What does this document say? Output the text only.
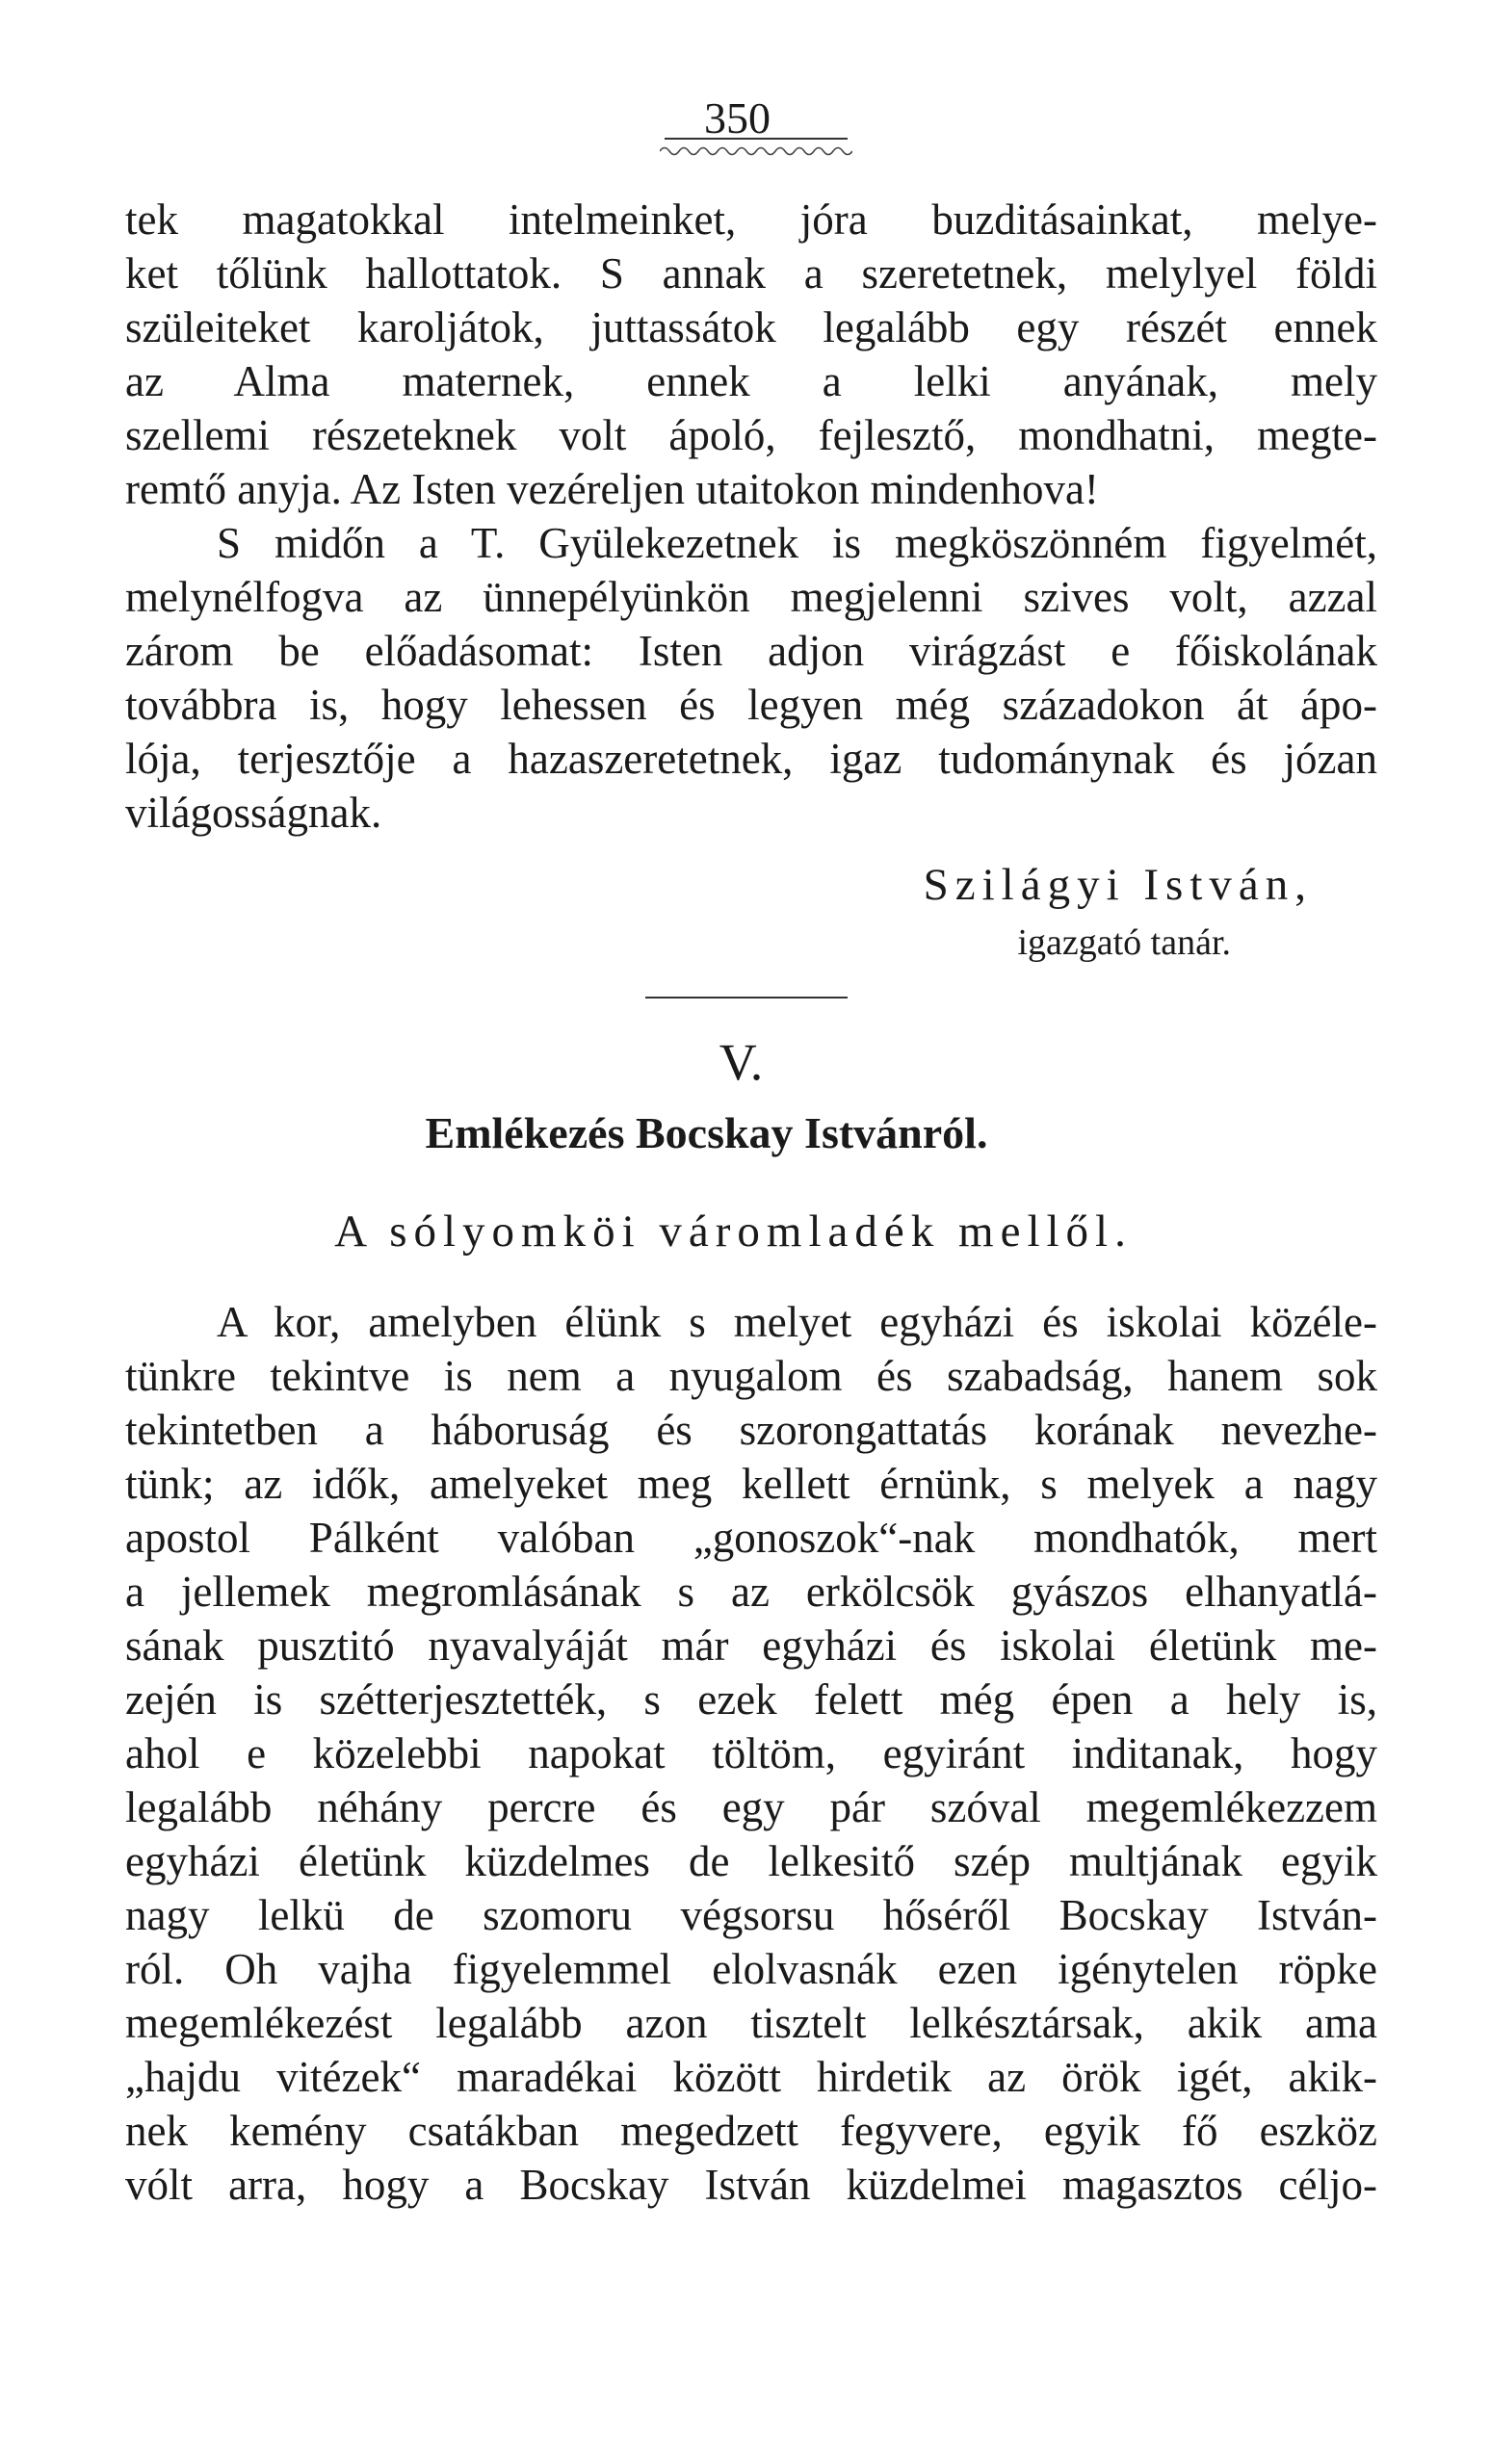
350
tek magatokkal intelmeinket, jóra buzditásainkat, melye-
ket tőlünk hallottatok. S annak a szeretetnek, melylyel földi
szüleiteket karoljátok, juttassátok legalább egy részét ennek
az Alma maternek, ennek a lelki anyának, mely
szellemi részeteknek volt ápoló, fejlesztő, mondhatni, megte-
remtő anyja. Az Isten vezéreljen utaitokon mindenhova!
S midőn a T. Gyülekezetnek is megköszönném figyelmét,
melynélfogva az ünnepélyünkön megjelenni szives volt, azzal
zárom be előadásomat: Isten adjon virágzást e főiskolának
továbbra is, hogy lehessen és legyen még századokon át ápo-
lója, terjesztője a hazaszeretetnek, igaz tudománynak és józan
világosságnak.
Szilágyi István,
igazgató tanár.
V.
Emlékezés Bocskay Istvánról.
A sólyomköi váromladék mellől.
A kor, amelyben élünk s melyet egyházi és iskolai közéle-
tünkre tekintve is nem a nyugalom és szabadság, hanem sok
tekintetben a háboruság és szorongattatás korának nevezhe-
tünk; az idők, amelyeket meg kellett érnünk, s melyek a nagy
apostol Pálként valóban „gonoszok“-nak mondhatók, mert
a jellemek megromlásának s az erkölcsök gyászos elhanyatlá-
sának pusztitó nyavalyáját már egyházi és iskolai életünk me-
zején is szétterjesztették, s ezek felett még épen a hely is,
ahol e közelebbi napokat töltöm, egyiránt inditanak, hogy
legalább néhány percre és egy pár szóval megemlékezzem
egyházi életünk küzdelmes de lelkesitő szép multjának egyik
nagy lelkü de szomoru végsorsu hőséről Bocskay István-
ról. Oh vajha figyelemmel elolvasnák ezen igénytelen röpke
megemlékezést legalább azon tisztelt lelkésztársak, akik ama
„hajdu vitézek“ maradékai között hirdetik az örök igét, akik-
nek kemény csatákban megedzett fegyvere, egyik fő eszköz
vólt arra, hogy a Bocskay István küzdelmei magasztos céljo-
